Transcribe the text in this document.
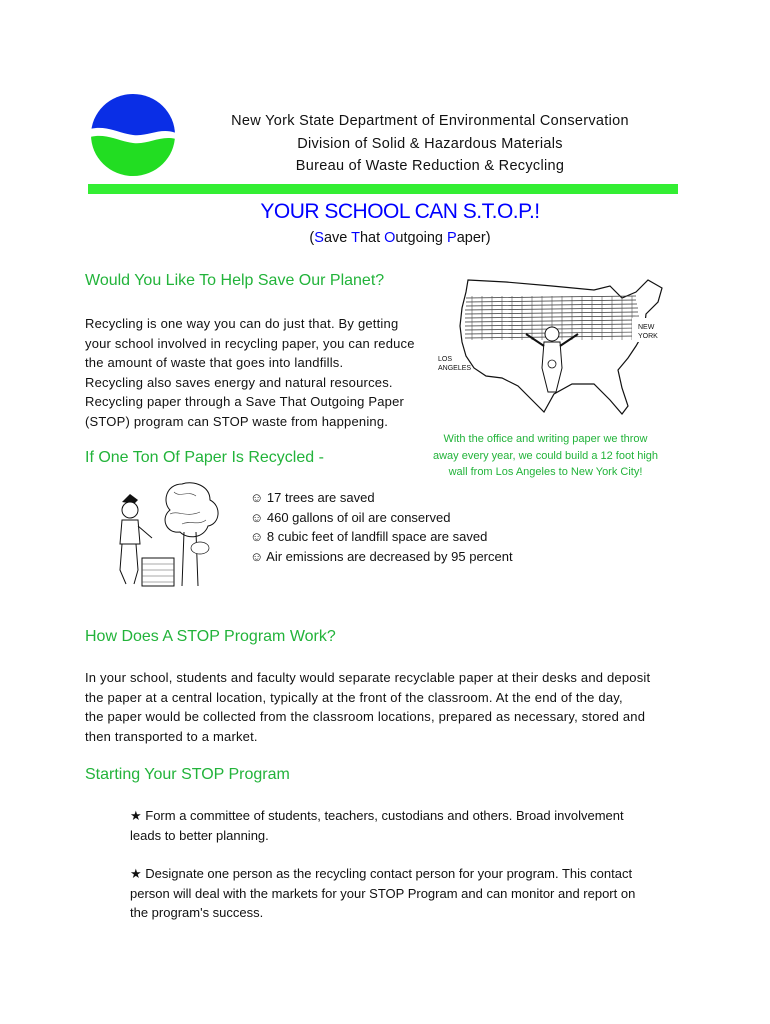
New York State Department of Environmental Conservation
Division of Solid & Hazardous Materials
Bureau of Waste Reduction & Recycling
YOUR SCHOOL CAN S.T.O.P.!
(Save That Outgoing Paper)
Would You Like To Help Save Our Planet?
Recycling is one way you can do just that. By getting
your school involved in recycling paper, you can reduce
the amount of waste that goes into landfills.
Recycling also saves energy and natural resources.
Recycling paper through a Save That Outgoing Paper
(STOP) program can STOP waste from happening.
NEW
YORK
LOS
ANGELES
With the office and writing paper we throw
away every year, we could build a 12 foot high
wall from Los Angeles to New York City!
If One Ton Of Paper Is Recycled -
☺ 17 trees are saved
☺ 460 gallons of oil are conserved
☺ 8 cubic feet of landfill space are saved
☺ Air emissions are decreased by 95 percent
How Does A STOP Program Work?
In your school, students and faculty would separate recyclable paper at their desks and deposit
the paper at a central location, typically at the front of the classroom. At the end of the day,
the paper would be collected from the classroom locations, prepared as necessary, stored and
then transported to a market.
Starting Your STOP Program
★ Form a committee of students, teachers, custodians and others. Broad involvement
leads to better planning.
★ Designate one person as the recycling contact person for your program. This contact
person will deal with the markets for your STOP Program and can monitor and report on
the program's success.
